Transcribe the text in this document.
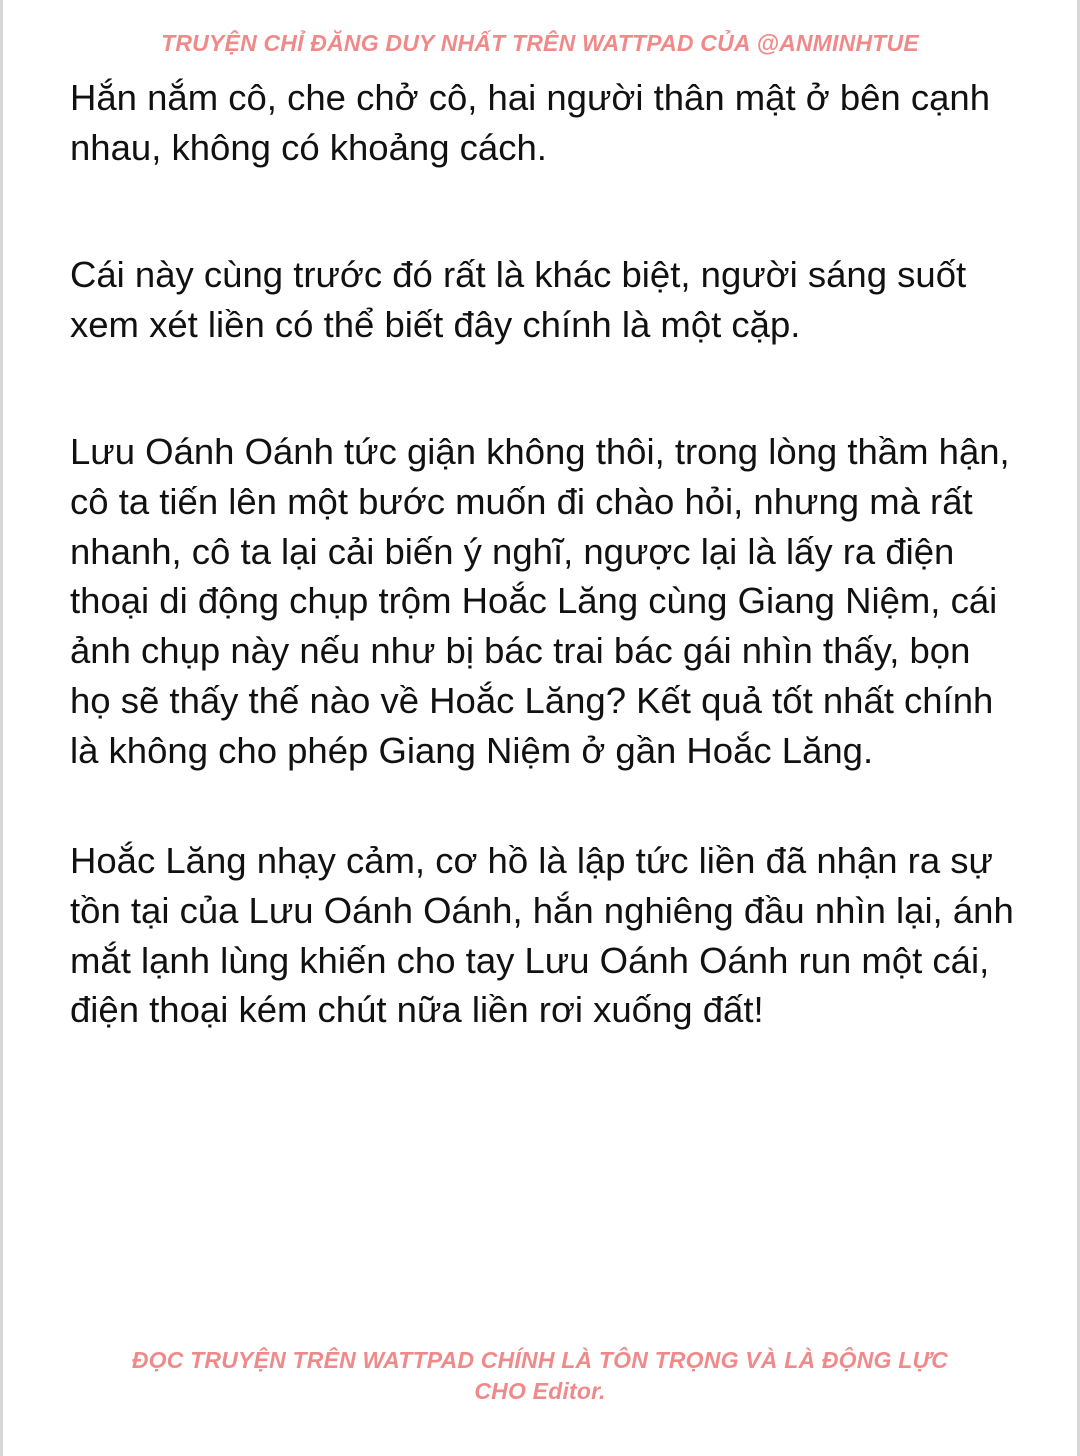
TRUYỆN CHỈ ĐĂNG DUY NHẤT TRÊN WATTPAD CỦA @ANMINHTUE

Hắn nắm cô, che chở cô, hai người thân mật ở bên cạnh nhau, không có khoảng cách.

Cái này cùng trước đó rất là khác biệt, người sáng suốt xem xét liền có thể biết đây chính là một cặp.

Lưu Oánh Oánh tức giận không thôi, trong lòng thầm hận, cô ta tiến lên một bước muốn đi chào hỏi, nhưng mà rất nhanh, cô ta lại cải biến ý nghĩ, ngược lại là lấy ra điện thoại di động chụp trộm Hoắc Lăng cùng Giang Niệm, cái ảnh chụp này nếu như bị bác trai bác gái nhìn thấy, bọn họ sẽ thấy thế nào về Hoắc Lăng? Kết quả tốt nhất chính là không cho phép Giang Niệm ở gần Hoắc Lăng.

Hoắc Lăng nhạy cảm, cơ hồ là lập tức liền đã nhận ra sự tồn tại của Lưu Oánh Oánh, hắn nghiêng đầu nhìn lại, ánh mắt lạnh lùng khiến cho tay Lưu Oánh Oánh run một cái, điện thoại kém chút nữa liền rơi xuống đất!

ĐỌC TRUYỆN TRÊN WATTPAD CHÍNH LÀ TÔN TRỌNG VÀ LÀ ĐỘNG LỰC
CHO Editor.
